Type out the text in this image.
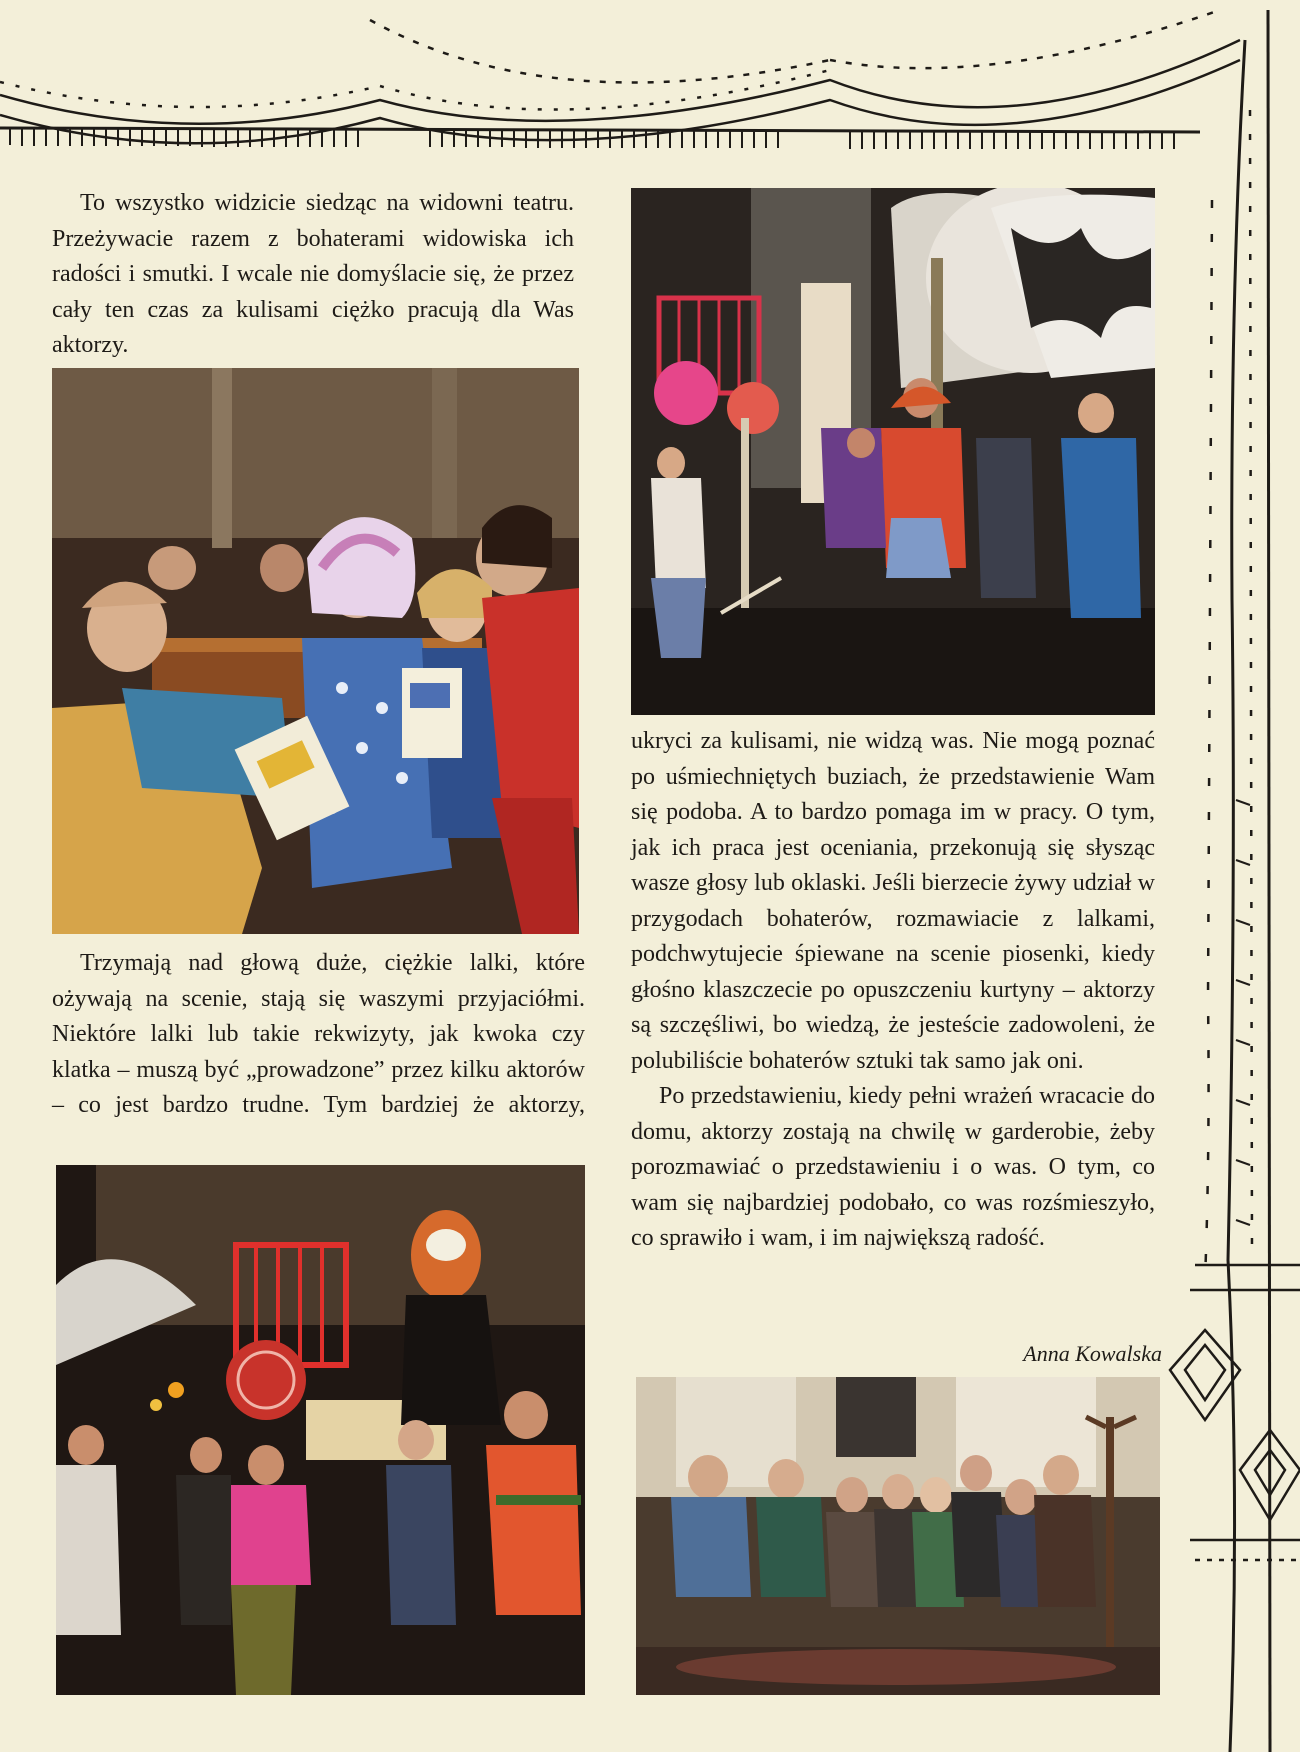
To wszystko widzicie siedząc na widowni teatru. Przeżywacie razem z bohaterami widowiska ich radości i smutki. I wcale nie domyślacie się, że przez cały ten czas za kulisami ciężko pracują dla Was aktorzy.

Trzymają nad głową duże, ciężkie lalki, które ożywają na scenie, stają się waszymi przyjaciółmi. Niektóre lalki lub takie rekwizyty, jak kwoka czy klatka – muszą być „prowadzone” przez kilku aktorów – co jest bardzo trudne. Tym bardziej że aktorzy,

ukryci za kulisami, nie widzą was. Nie mogą poznać po uśmiechniętych buziach, że przedstawienie Wam się podoba. A to bardzo pomaga im w pracy. O tym, jak ich praca jest oceniania, przekonują się słysząc wasze głosy lub oklaski. Jeśli bierzecie żywy udział w przygodach bohaterów, rozmawiacie z lalkami, podchwytujecie śpiewane na scenie piosenki, kiedy głośno klaszczecie po opuszczeniu kurtyny – aktorzy są szczęśliwi, bo wiedzą, że jesteście zadowoleni, że polubiliście bohaterów sztuki tak samo jak oni.

Po przedstawieniu, kiedy pełni wrażeń wracacie do domu, aktorzy zostają na chwilę w garderobie, żeby porozmawiać o przedstawieniu i o was. O tym, co wam się najbardziej podobało, co was rozśmieszyło, co sprawiło i wam, i im największą radość.

Anna Kowalska
